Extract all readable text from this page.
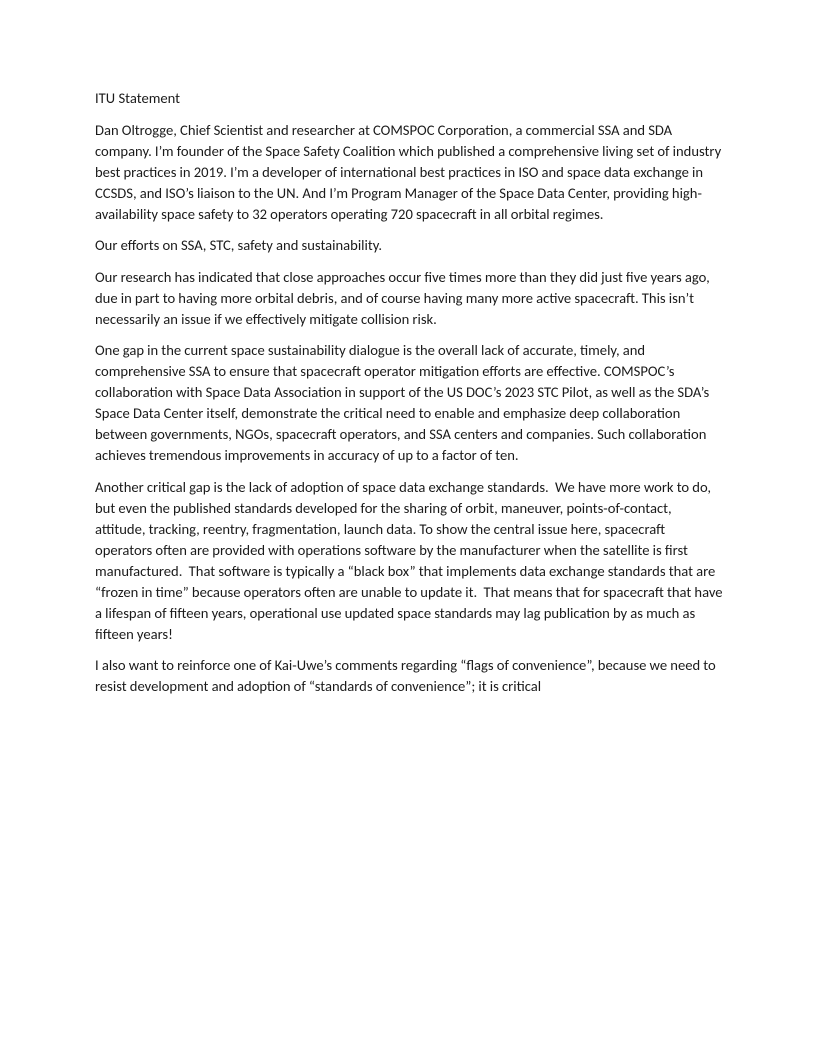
ITU Statement

Dan Oltrogge, Chief Scientist and researcher at COMSPOC Corporation, a commercial SSA and SDA company. I’m founder of the Space Safety Coalition which published a comprehensive living set of industry best practices in 2019. I’m a developer of international best practices in ISO and space data exchange in CCSDS, and ISO’s liaison to the UN. And I’m Program Manager of the Space Data Center, providing high-availability space safety to 32 operators operating 720 spacecraft in all orbital regimes.

Our efforts on SSA, STC, safety and sustainability.

Our research has indicated that close approaches occur five times more than they did just five years ago, due in part to having more orbital debris, and of course having many more active spacecraft. This isn’t necessarily an issue if we effectively mitigate collision risk.

One gap in the current space sustainability dialogue is the overall lack of accurate, timely, and comprehensive SSA to ensure that spacecraft operator mitigation efforts are effective. COMSPOC’s collaboration with Space Data Association in support of the US DOC’s 2023 STC Pilot, as well as the SDA’s Space Data Center itself, demonstrate the critical need to enable and emphasize deep collaboration between governments, NGOs, spacecraft operators, and SSA centers and companies. Such collaboration achieves tremendous improvements in accuracy of up to a factor of ten.

Another critical gap is the lack of adoption of space data exchange standards.  We have more work to do, but even the published standards developed for the sharing of orbit, maneuver, points-of-contact, attitude, tracking, reentry, fragmentation, launch data. To show the central issue here, spacecraft operators often are provided with operations software by the manufacturer when the satellite is first manufactured.  That software is typically a “black box” that implements data exchange standards that are “frozen in time” because operators often are unable to update it.  That means that for spacecraft that have a lifespan of fifteen years, operational use updated space standards may lag publication by as much as fifteen years!

I also want to reinforce one of Kai-Uwe’s comments regarding “flags of convenience”, because we need to resist development and adoption of “standards of convenience”; it is critical
